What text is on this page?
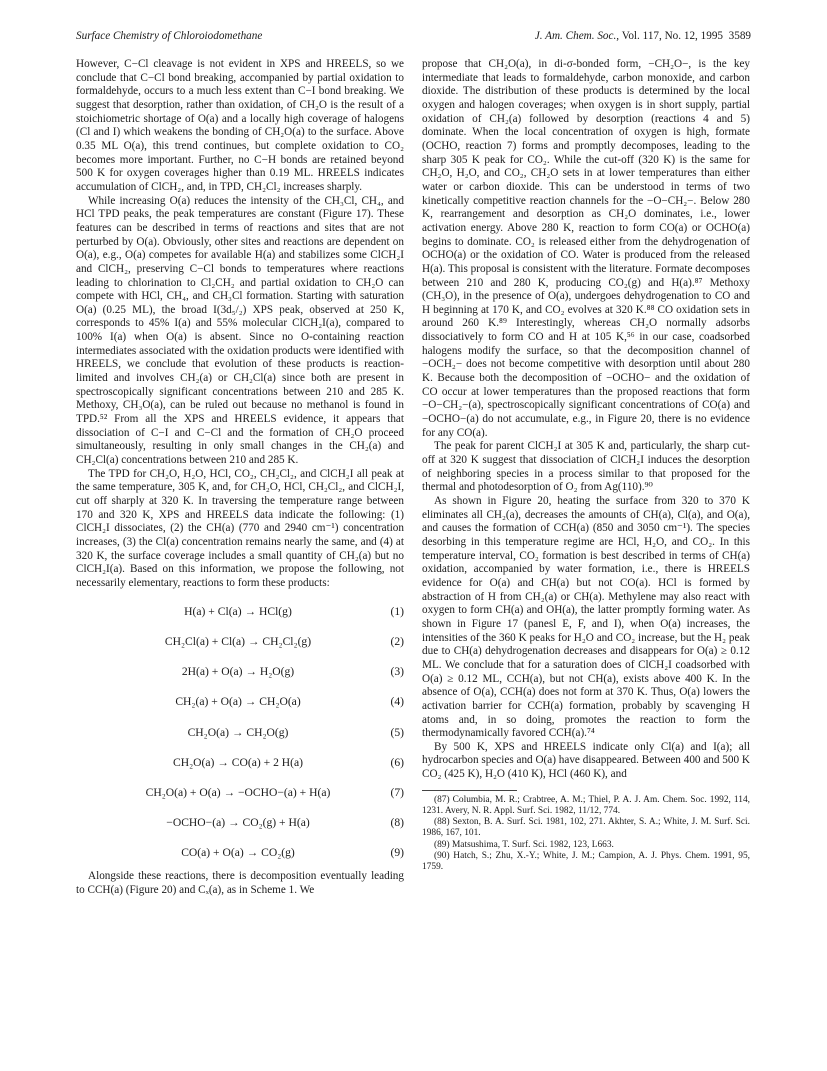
Surface Chemistry of Chloroiodomethane	J. Am. Chem. Soc., Vol. 117, No. 12, 1995 3589

However, C−Cl cleavage is not evident in XPS and HREELS, so we conclude that C−Cl bond breaking, accompanied by partial oxidation to formaldehyde, occurs to a much less extent than C−I bond breaking. We suggest that desorption, rather than oxidation, of CH₂O is the result of a stoichiometric shortage of O(a) and a locally high coverage of halogens (Cl and I) which weakens the bonding of CH₂O(a) to the surface. Above 0.35 ML O(a), this trend continues, but complete oxidation to CO₂ becomes more important. Further, no C−H bonds are retained beyond 500 K for oxygen coverages higher than 0.19 ML. HREELS indicates accumulation of ClCH₂, and, in TPD, CH₂Cl₂ increases sharply.

While increasing O(a) reduces the intensity of the CH₃Cl, CH₄, and HCl TPD peaks, the peak temperatures are constant (Figure 17). These features can be described in terms of reactions and sites that are not perturbed by O(a). Obviously, other sites and reactions are dependent on O(a), e.g., O(a) competes for available H(a) and stabilizes some ClCH₂I and ClCH₂, preserving C−Cl bonds to temperatures where reactions leading to chlorination to Cl₂CH₂ and partial oxidation to CH₂O can compete with HCl, CH₄, and CH₃Cl formation. Starting with saturation O(a) (0.25 ML), the broad I(3d₅/₂) XPS peak, observed at 250 K, corresponds to 45% I(a) and 55% molecular ClCH₂I(a), compared to 100% I(a) when O(a) is absent. Since no O-containing reaction intermediates associated with the oxidation products were identified with HREELS, we conclude that evolution of these products is reaction-limited and involves CH₂(a) or CH₂Cl(a) since both are present in spectroscopically significant concentrations between 210 and 285 K. Methoxy, CH₃O(a), can be ruled out because no methanol is found in TPD.⁵² From all the XPS and HREELS evidence, it appears that dissociation of C−I and C−Cl and the formation of CH₂O proceed simultaneously, resulting in only small changes in the CH₂(a) and CH₂Cl(a) concentrations between 210 and 285 K.

The TPD for CH₂O, H₂O, HCl, CO₂, CH₂Cl₂, and ClCH₂I all peak at the same temperature, 305 K, and, for CH₂O, HCl, CH₂Cl₂, and ClCH₂I, cut off sharply at 320 K. In traversing the temperature range between 170 and 320 K, XPS and HREELS data indicate the following: (1) ClCH₂I dissociates, (2) the CH(a) (770 and 2940 cm⁻¹) concentration increases, (3) the Cl(a) concentration remains nearly the same, and (4) at 320 K, the surface coverage includes a small quantity of CH₂(a) but no ClCH₂I(a). Based on this information, we propose the following, not necessarily elementary, reactions to form these products:

H(a) + Cl(a) → HCl(g)	(1)
CH₂Cl(a) + Cl(a) → CH₂Cl₂(g)	(2)
2H(a) + O(a) → H₂O(g)	(3)
CH₂(a) + O(a) → CH₂O(a)	(4)
CH₂O(a) → CH₂O(g)	(5)
CH₂O(a) → CO(a) + 2 H(a)	(6)
CH₂O(a) + O(a) → −OCHO−(a) + H(a)	(7)
−OCHO−(a) → CO₂(g) + H(a)	(8)
CO(a) + O(a) → CO₂(g)	(9)

Alongside these reactions, there is decomposition eventually leading to CCH(a) (Figure 20) and Cₓ(a), as in Scheme 1. We

propose that CH₂O(a), in di-σ-bonded form, −CH₂O−, is the key intermediate that leads to formaldehyde, carbon monoxide, and carbon dioxide. The distribution of these products is determined by the local oxygen and halogen coverages; when oxygen is in short supply, partial oxidation of CH₂(a) followed by desorption (reactions 4 and 5) dominate. When the local concentration of oxygen is high, formate (OCHO, reaction 7) forms and promptly decomposes, leading to the sharp 305 K peak for CO₂. While the cut-off (320 K) is the same for CH₂O, H₂O, and CO₂, CH₂O sets in at lower temperatures than either water or carbon dioxide. This can be understood in terms of two kinetically competitive reaction channels for the −O−CH₂−. Below 280 K, rearrangement and desorption as CH₂O dominates, i.e., lower activation energy. Above 280 K, reaction to form CO(a) or OCHO(a) begins to dominate. CO₂ is released either from the dehydrogenation of OCHO(a) or the oxidation of CO. Water is produced from the released H(a). This proposal is consistent with the literature. Formate decomposes between 210 and 280 K, producing CO₂(g) and H(a).⁸⁷ Methoxy (CH₃O), in the presence of O(a), undergoes dehydrogenation to CO and H beginning at 170 K, and CO₂ evolves at 320 K.⁸⁸ CO oxidation sets in around 260 K.⁸⁹ Interestingly, whereas CH₂O normally adsorbs dissociatively to form CO and H at 105 K,⁵⁶ in our case, coadsorbed halogens modify the surface, so that the decomposition channel of −OCH₂− does not become competitive with desorption until about 280 K. Because both the decomposition of −OCHO− and the oxidation of CO occur at lower temperatures than the proposed reactions that form −O−CH₂−(a), spectroscopically significant concentrations of CO(a) and −OCHO−(a) do not accumulate, e.g., in Figure 20, there is no evidence for any CO(a).

The peak for parent ClCH₂I at 305 K and, particularly, the sharp cut-off at 320 K suggest that dissociation of ClCH₂I induces the desorption of neighboring species in a process similar to that proposed for the thermal and photodesorption of O₂ from Ag(110).⁹⁰

As shown in Figure 20, heating the surface from 320 to 370 K eliminates all CH₂(a), decreases the amounts of CH(a), Cl(a), and O(a), and causes the formation of CCH(a) (850 and 3050 cm⁻¹). The species desorbing in this temperature regime are HCl, H₂O, and CO₂. In this temperature interval, CO₂ formation is best described in terms of CH(a) oxidation, accompanied by water formation, i.e., there is HREELS evidence for O(a) and CH(a) but not CO(a). HCl is formed by abstraction of H from CH₂(a) or CH(a). Methylene may also react with oxygen to form CH(a) and OH(a), the latter promptly forming water. As shown in Figure 17 (panesl E, F, and I), when O(a) increases, the intensities of the 360 K peaks for H₂O and CO₂ increase, but the H₂ peak due to CH(a) dehydrogenation decreases and disappears for O(a) ≥ 0.12 ML. We conclude that for a saturation does of ClCH₂I coadsorbed with O(a) ≥ 0.12 ML, CCH(a), but not CH(a), exists above 400 K. In the absence of O(a), CCH(a) does not form at 370 K. Thus, O(a) lowers the activation barrier for CCH(a) formation, probably by scavenging H atoms and, in so doing, promotes the reaction to form the thermodynamically favored CCH(a).⁷⁴

By 500 K, XPS and HREELS indicate only Cl(a) and I(a); all hydrocarbon species and O(a) have disappeared. Between 400 and 500 K CO₂ (425 K), H₂O (410 K), HCl (460 K), and

(87) Columbia, M. R.; Crabtree, A. M.; Thiel, P. A. J. Am. Chem. Soc. 1992, 114, 1231. Avery, N. R. Appl. Surf. Sci. 1982, 11/12, 774.
(88) Sexton, B. A. Surf. Sci. 1981, 102, 271. Akhter, S. A.; White, J. M. Surf. Sci. 1986, 167, 101.
(89) Matsushima, T. Surf. Sci. 1982, 123, L663.
(90) Hatch, S.; Zhu, X.-Y.; White, J. M.; Campion, A. J. Phys. Chem. 1991, 95, 1759.
